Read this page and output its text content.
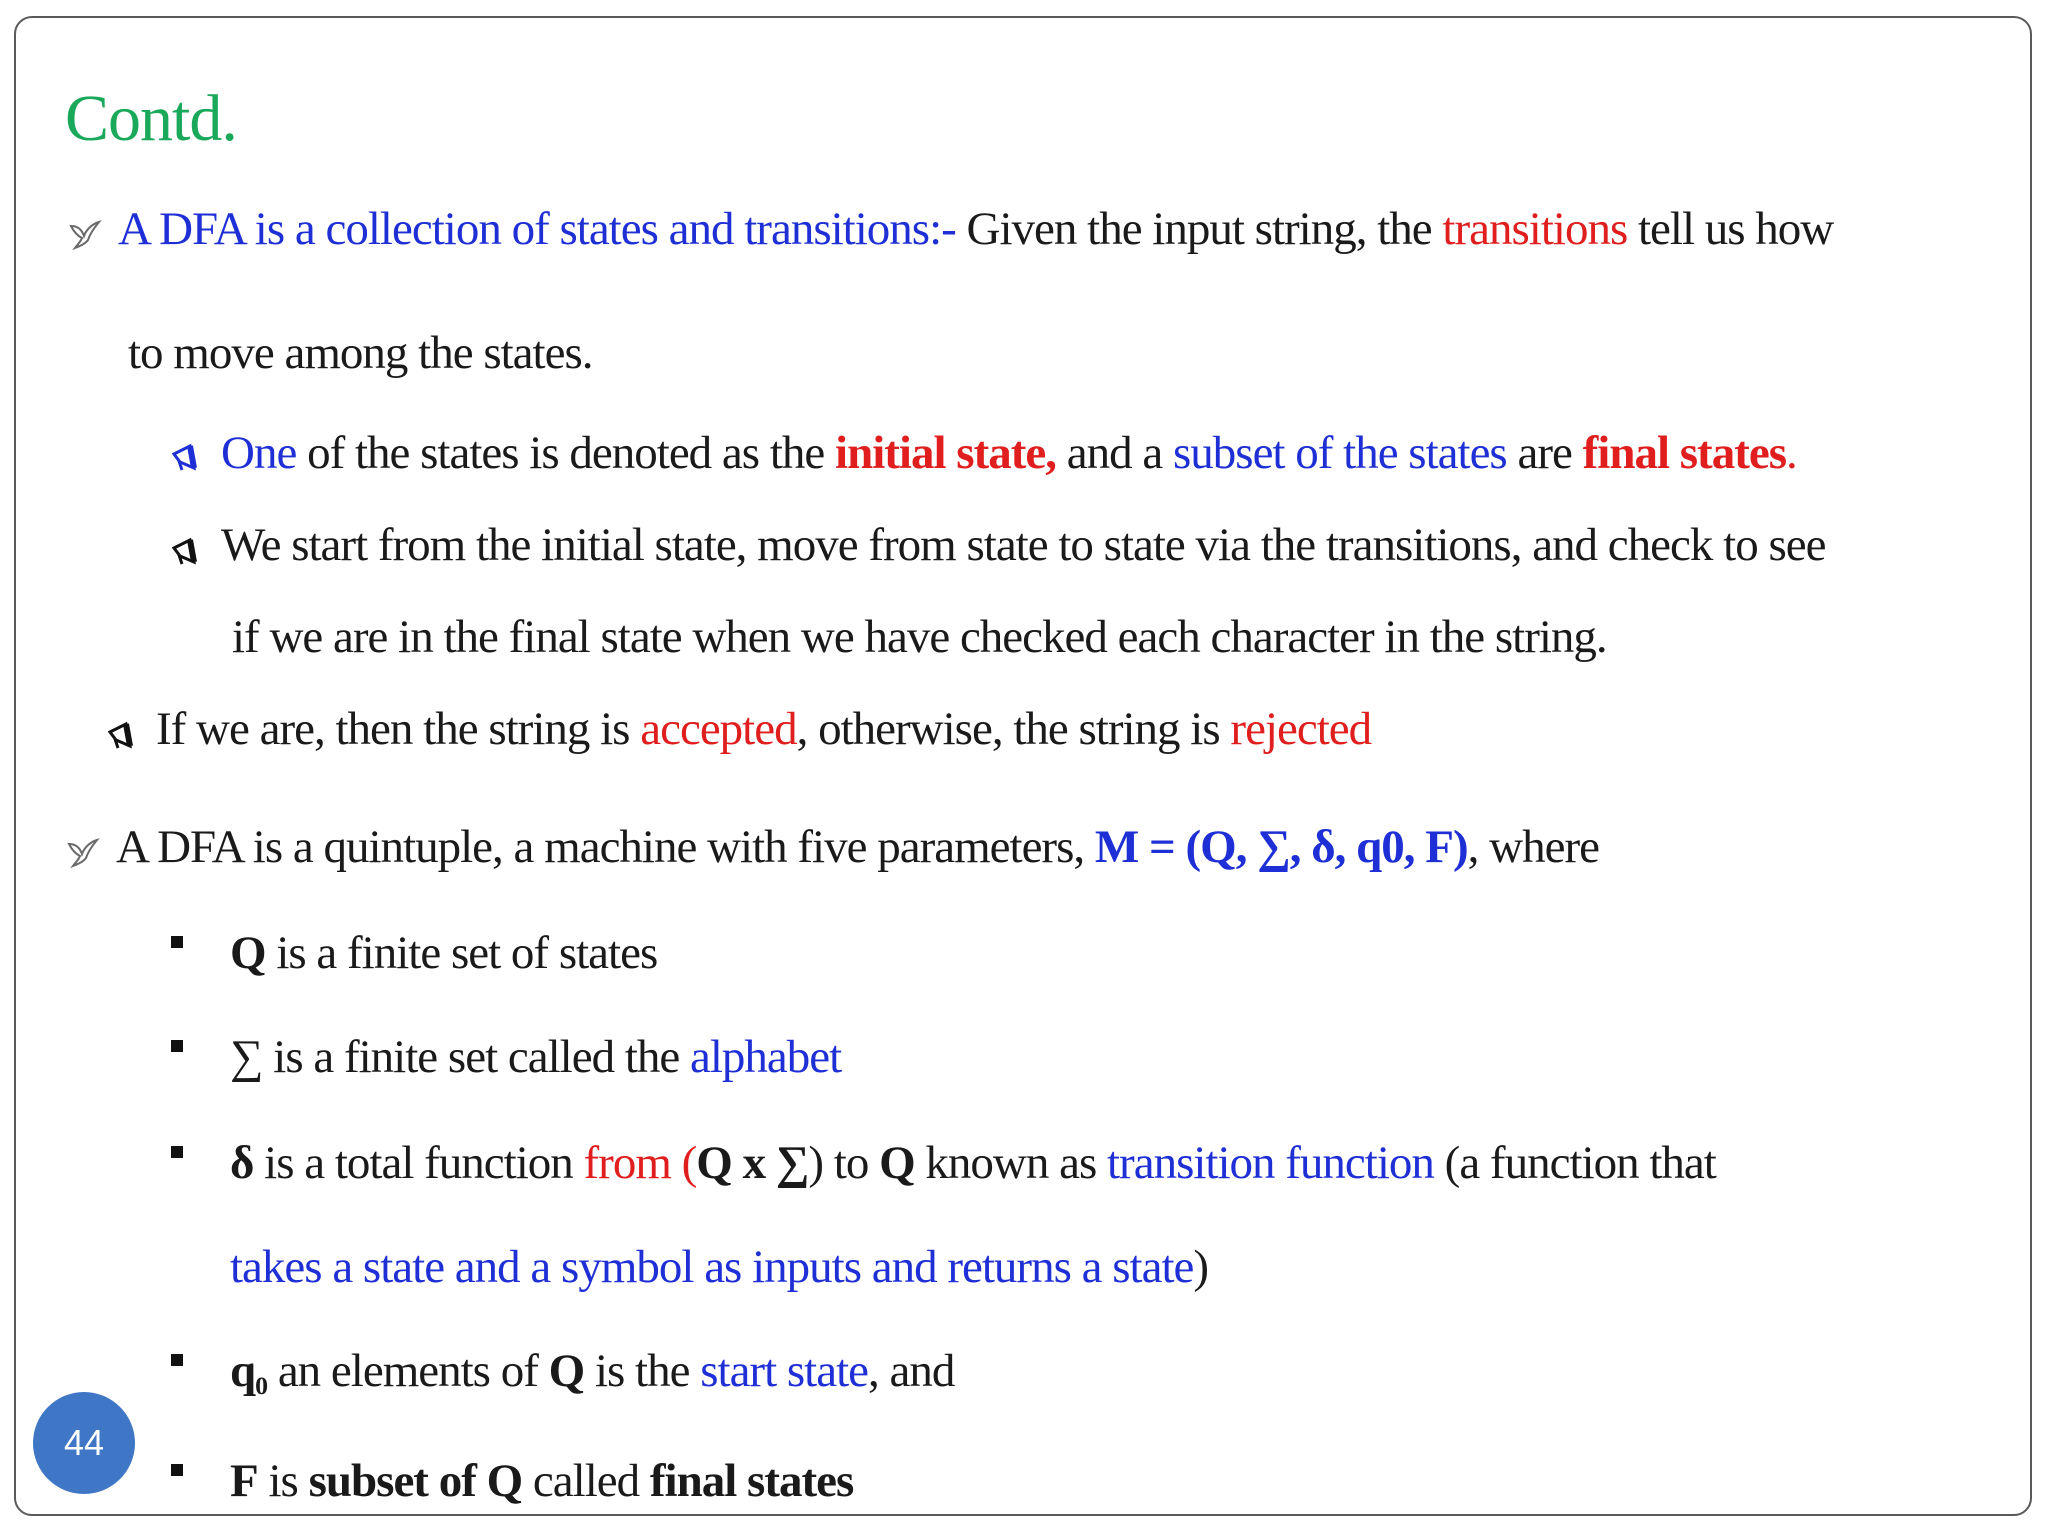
Contd.
A DFA is a collection of states and transitions:- Given the input string, the transitions tell us how
to move among the states.
One of the states is denoted as the initial state, and a subset of the states are final states.
We start from the initial state, move from state to state via the transitions, and check to see
if we are in the final state when we have checked each character in the string.
If we are, then the string is accepted, otherwise, the string is rejected
A DFA is a quintuple, a machine with five parameters, M = (Q, ∑, δ, q0, F), where
Q is a finite set of states
∑ is a finite set called the alphabet
δ is a total function from (Q x ∑) to Q known as transition function (a function that
takes a state and a symbol as inputs and returns a state)
$q_0$ an elements of Q is the start state, and
F is subset of Q called final states
44
